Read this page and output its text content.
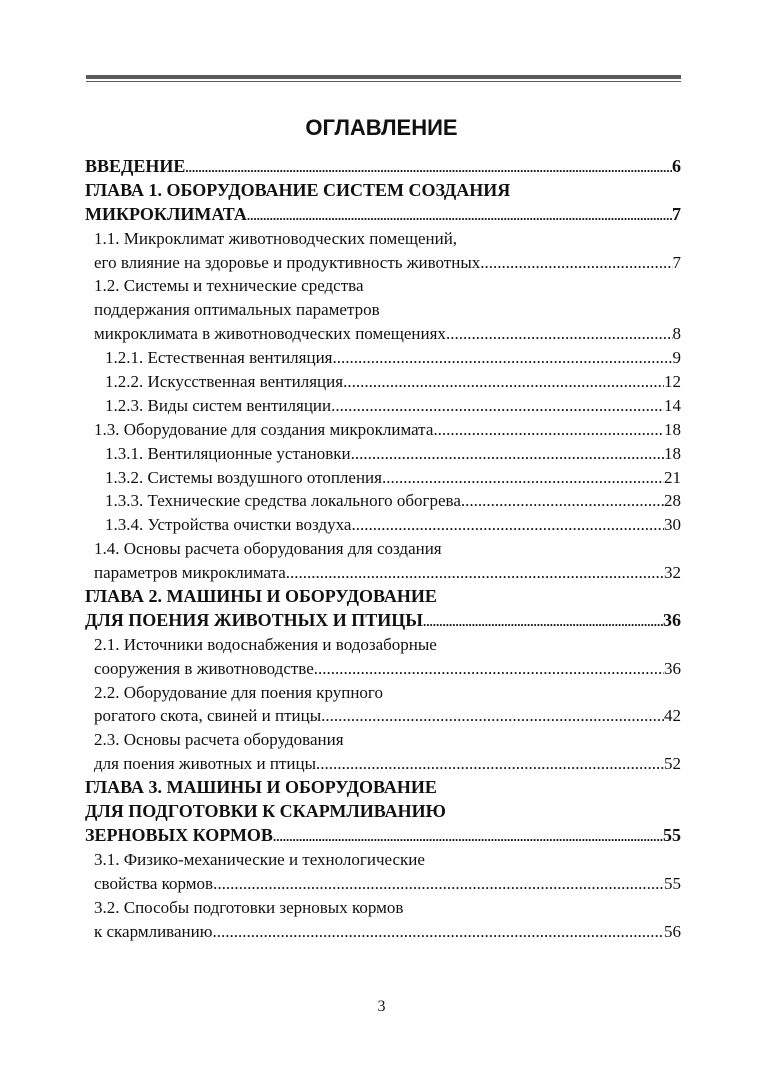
ОГЛАВЛЕНИЕ
ВВЕДЕНИЕ .....	6
ГЛАВА 1. ОБОРУДОВАНИЕ СИСТЕМ СОЗДАНИЯ
МИКРОКЛИМАТА .....	7
1.1. Микроклимат животноводческих помещений,
его влияние на здоровье и продуктивность животных .....	7
1.2. Системы и технические средства
поддержания оптимальных параметров
микроклимата в животноводческих помещениях .....	8
1.2.1. Естественная вентиляция .....	9
1.2.2. Искусственная вентиляция .....	12
1.2.3. Виды систем вентиляции .....	14
1.3. Оборудование для создания микроклимата .....	18
1.3.1. Вентиляционные установки .....	18
1.3.2. Системы воздушного отопления .....	21
1.3.3. Технические средства локального обогрева .....	28
1.3.4. Устройства очистки воздуха .....	30
1.4. Основы расчета оборудования для создания
параметров микроклимата .....	32
ГЛАВА 2. МАШИНЫ И ОБОРУДОВАНИЕ
ДЛЯ ПОЕНИЯ ЖИВОТНЫХ И ПТИЦЫ .....	36
2.1. Источники водоснабжения и водозаборные
сооружения в животноводстве .....	36
2.2. Оборудование для поения крупного
рогатого скота, свиней и птицы .....	42
2.3. Основы расчета оборудования
для поения животных и птицы .....	52
ГЛАВА 3. МАШИНЫ И ОБОРУДОВАНИЕ
ДЛЯ ПОДГОТОВКИ К СКАРМЛИВАНИЮ
ЗЕРНОВЫХ КОРМОВ .....	55
3.1. Физико-механические и технологические
свойства кормов .....	55
3.2. Способы подготовки зерновых кормов
к скармливанию .....	56
3
